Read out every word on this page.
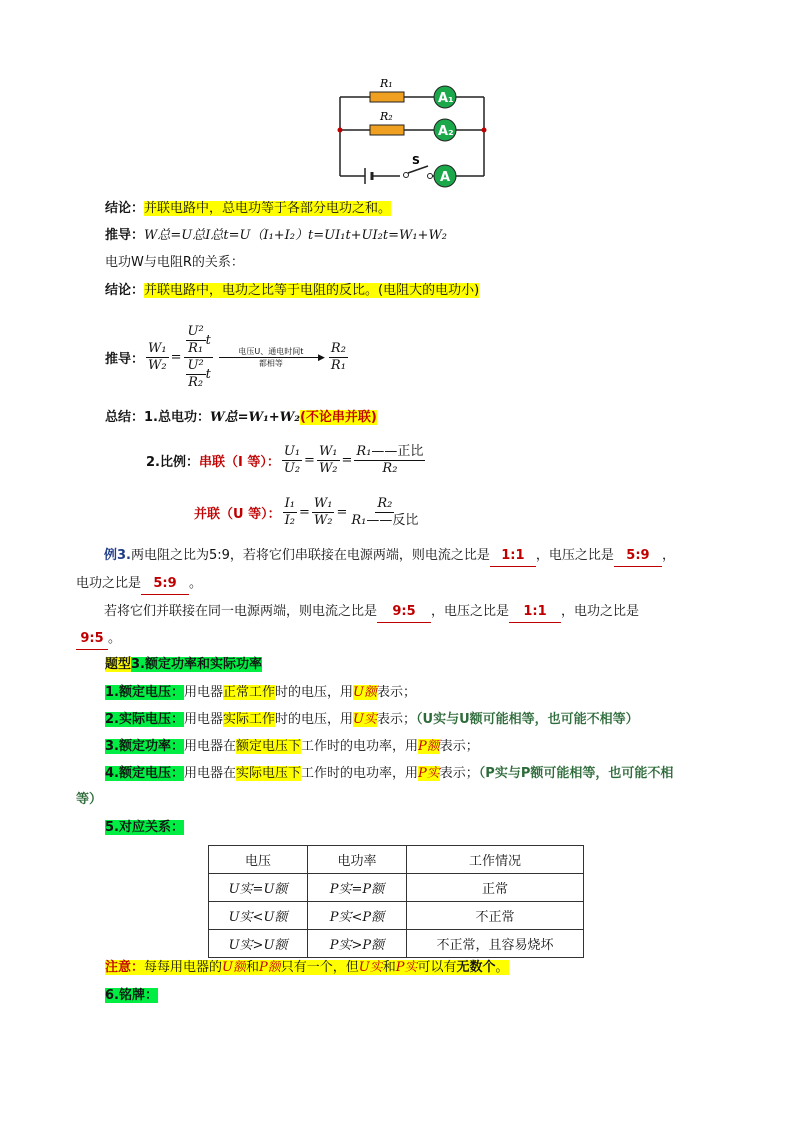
R₁
R₂
A₁
A₂
A
S
结论：并联电路中，总电功等于各部分电功之和。
推导：W总=U总I总t=U（I₁+I₂）t=UI₁t+UI₂t=W₁+W₂
电功W与电阻R的关系：
结论：并联电路中，电功之比等于电阻的反比。(电阻大的电功小)
推导： $\frac{\text{W₁}}{\text{W₂}} = \frac{\frac{\text{U²}}{\text{R₁}} t}{\frac{\text{U²}}{\text{R₂}} t}$	电压U、通电时间t
▶
都相等	$\frac{\text{R₂}}{\text{R₁}}$
总结：1.总电功：W总=W₁+W₂(不论串并联)
2.比例： 串联（I 等）： $\frac{\text{U₁}}{\text{U₂}} = \frac{\text{W₁}}{\text{W₂}} = \frac{\text{R₁——正比}}{\text{R₂}}$
并联（U 等）： $\frac{\text{I₁}}{\text{I₂}} = \frac{\text{W₁}}{\text{W₂}} = \frac{\text{R₂}}{\text{R₁——反比}}$
例3.两电阻之比为5:9，若将它们串联接在电源两端，则电流之比是 1:1 ，电压之比是 5:9 ，
电功之比是 5:9 。
若将它们并联接在同一电源两端，则电流之比是 9:5 ，电压之比是 1:1 ，电功之比是
9:5 。
题型3.额定功率和实际功率
1.额定电压：用电器正常工作时的电压，用U额表示；
2.实际电压：用电器实际工作时的电压，用U实表示；（U实与U额可能相等，也可能不相等）
3.额定功率：用电器在额定电压下工作时的电功率，用P额表示；
4.额定电压：用电器在实际电压下工作时的电功率，用P实表示；（P实与P额可能相等，也可能不相
等）
5.对应关系：
电压	电功率	工作情况
U实=U额	P实=P额	正常
U实<U额	P实<P额	不正常
U实>U额	P实>P额	不正常，且容易烧坏
注意：每每用电器的U额和P额只有一个，但U实和P实可以有无数个。
6.铭牌：
